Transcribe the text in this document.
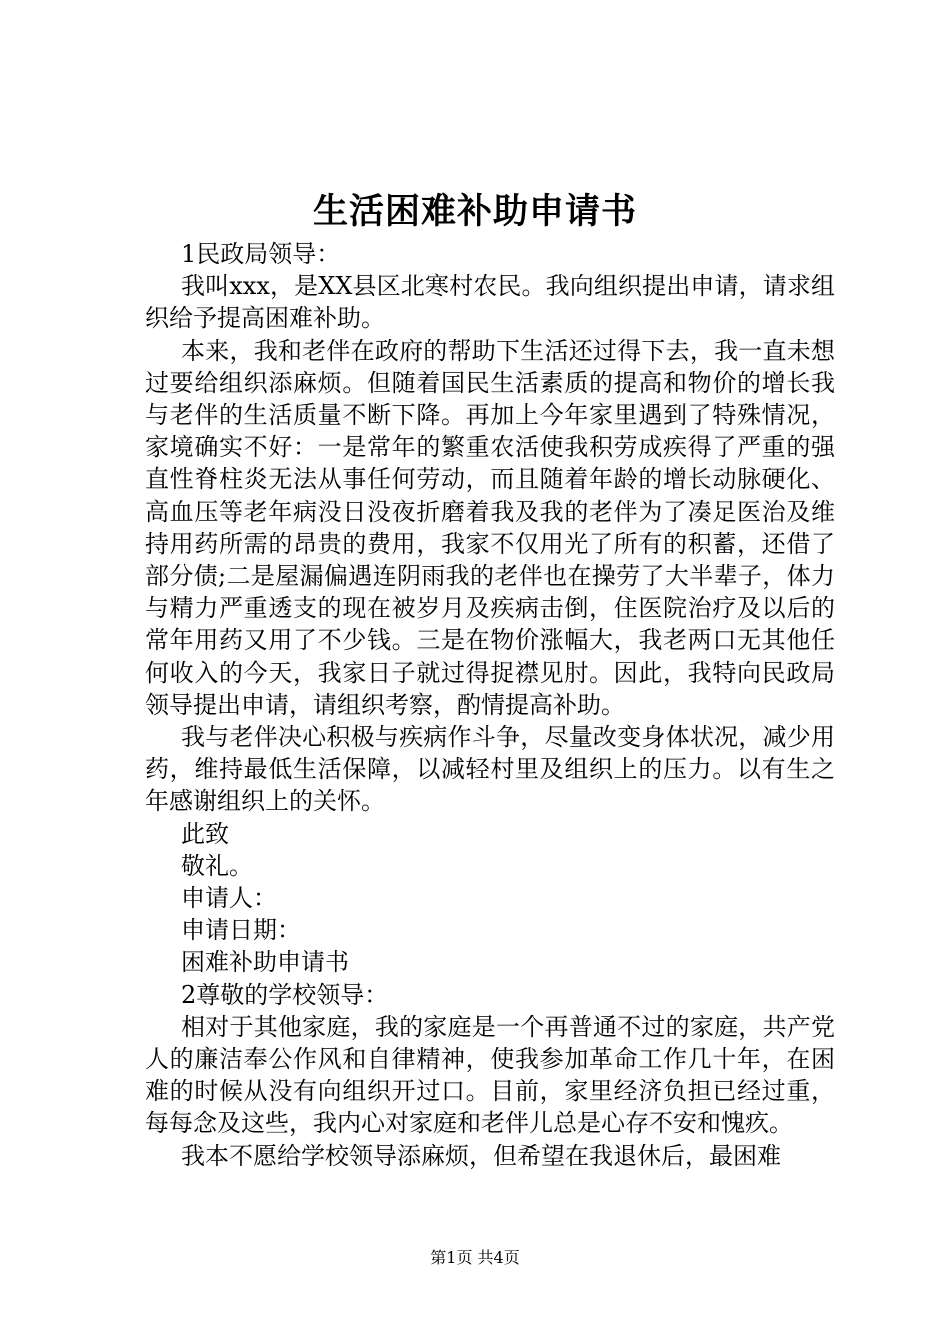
生活困难补助申请书

1民政局领导：

我叫xxx，是XX县区北寒村农民。我向组织提出申请，请求组织给予提高困难补助。

本来，我和老伴在政府的帮助下生活还过得下去，我一直未想过要给组织添麻烦。但随着国民生活素质的提高和物价的增长我与老伴的生活质量不断下降。再加上今年家里遇到了特殊情况，家境确实不好：一是常年的繁重农活使我积劳成疾得了严重的强直性脊柱炎无法从事任何劳动，而且随着年龄的增长动脉硬化、高血压等老年病没日没夜折磨着我及我的老伴为了凑足医治及维持用药所需的昂贵的费用，我家不仅用光了所有的积蓄，还借了部分债;二是屋漏偏遇连阴雨我的老伴也在操劳了大半辈子，体力与精力严重透支的现在被岁月及疾病击倒，住医院治疗及以后的常年用药又用了不少钱。三是在物价涨幅大，我老两口无其他任何收入的今天，我家日子就过得捉襟见肘。因此，我特向民政局领导提出申请，请组织考察，酌情提高补助。

我与老伴决心积极与疾病作斗争，尽量改变身体状况，减少用药，维持最低生活保障，以减轻村里及组织上的压力。以有生之年感谢组织上的关怀。

此致

敬礼。

申请人：

申请日期：

困难补助申请书

2尊敬的学校领导：

相对于其他家庭，我的家庭是一个再普通不过的家庭，共产党人的廉洁奉公作风和自律精神，使我参加革命工作几十年，在困难的时候从没有向组织开过口。目前，家里经济负担已经过重，每每念及这些，我内心对家庭和老伴儿总是心存不安和愧疚。

我本不愿给学校领导添麻烦，但希望在我退休后，最困难

第1页 共4页
